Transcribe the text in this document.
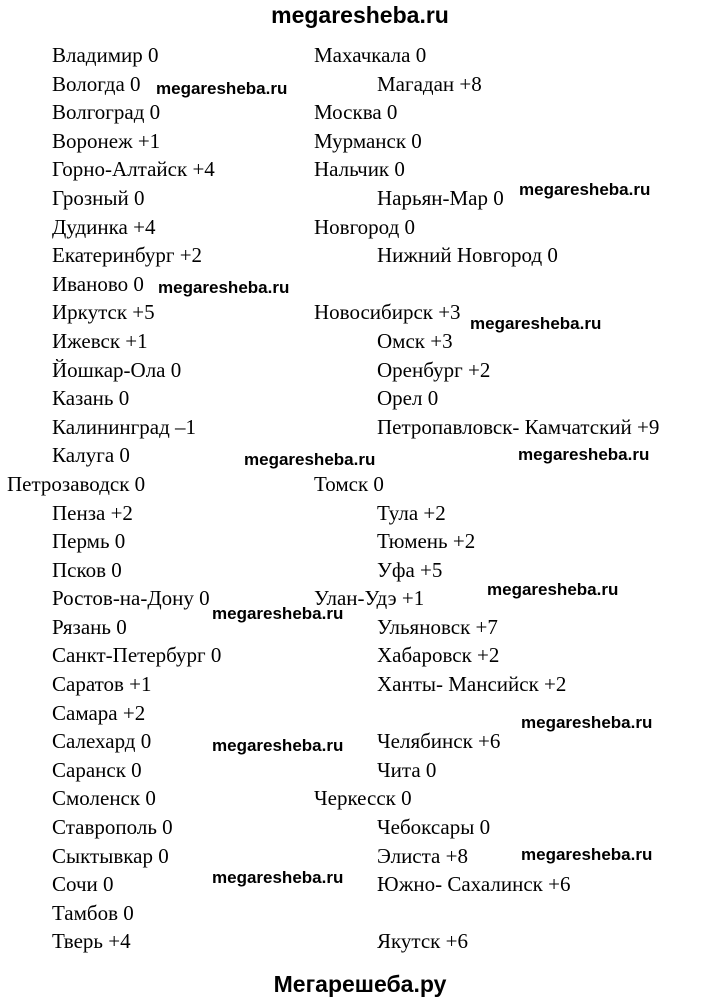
megaresheba.ru
Владимир 0
Вологда 0
Волгоград 0
Воронеж +1
Горно-Алтайск +4
Грозный 0
Дудинка +4
Екатеринбург +2
Иваново 0
Иркутск +5
Ижевск +1
Йошкар-Ола 0
Казань 0
Калининград –1
Калуга 0
Петрозаводск 0
Пенза +2
Пермь 0
Псков 0
Ростов-на-Дону 0
Рязань 0
Санкт-Петербург 0
Саратов +1
Самара +2
Салехард 0
Саранск 0
Смоленск 0
Ставрополь 0
Сыктывкар 0
Сочи 0
Тамбов 0
Тверь +4
Махачкала 0
Магадан +8
Москва 0
Мурманск 0
Нальчик 0
Нарьян-Мар 0
Новгород 0
Нижний Новгород 0
Новосибирск +3
Омск +3
Оренбург +2
Орел 0
Петропавловск- Камчатский +9
Томск 0
Тула +2
Тюмень +2
Уфа +5
Улан-Удэ +1
Ульяновск +7
Хабаровск +2
Ханты- Мансийск +2
Челябинск +6
Чита 0
Черкесск 0
Чебоксары 0
Элиста +8
Южно- Сахалинск +6
Якутск +6
megaresheba.ru
megaresheba.ru
megaresheba.ru
megaresheba.ru
megaresheba.ru	megaresheba.ru
megaresheba.ru
megaresheba.ru
megaresheba.ru
megaresheba.ru
megaresheba.ru
megaresheba.ru
Мегарешеба.ру
